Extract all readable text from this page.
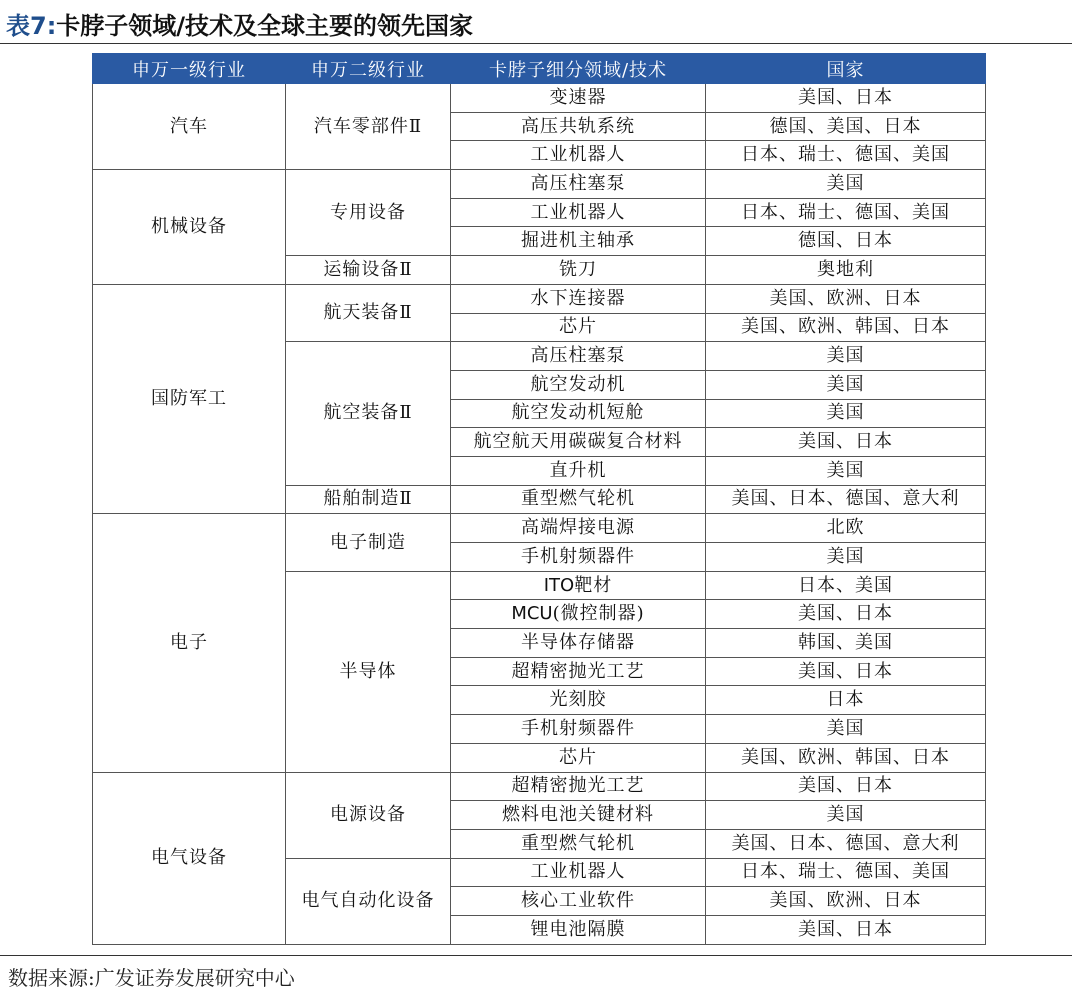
表7:卡脖子领域/技术及全球主要的领先国家
申万一级行业	申万二级行业	卡脖子细分领域/技术	国家
汽车	汽车零部件Ⅱ	变速器	美国、日本
		高压共轨系统	德国、美国、日本
		工业机器人	日本、瑞士、德国、美国
机械设备	专用设备	高压柱塞泵	美国
		工业机器人	日本、瑞士、德国、美国
		掘进机主轴承	德国、日本
	运输设备Ⅱ	铣刀	奥地利
国防军工	航天装备Ⅱ	水下连接器	美国、欧洲、日本
		芯片	美国、欧洲、韩国、日本
	航空装备Ⅱ	高压柱塞泵	美国
		航空发动机	美国
		航空发动机短舱	美国
		航空航天用碳碳复合材料	美国、日本
		直升机	美国
	船舶制造Ⅱ	重型燃气轮机	美国、日本、德国、意大利
电子	电子制造	高端焊接电源	北欧
		手机射频器件	美国
	半导体	ITO靶材	日本、美国
		MCU(微控制器)	美国、日本
		半导体存储器	韩国、美国
		超精密抛光工艺	美国、日本
		光刻胶	日本
		手机射频器件	美国
		芯片	美国、欧洲、韩国、日本
电气设备	电源设备	超精密抛光工艺	美国、日本
		燃料电池关键材料	美国
		重型燃气轮机	美国、日本、德国、意大利
	电气自动化设备	工业机器人	日本、瑞士、德国、美国
		核心工业软件	美国、欧洲、日本
		锂电池隔膜	美国、日本
数据来源:广发证券发展研究中心
